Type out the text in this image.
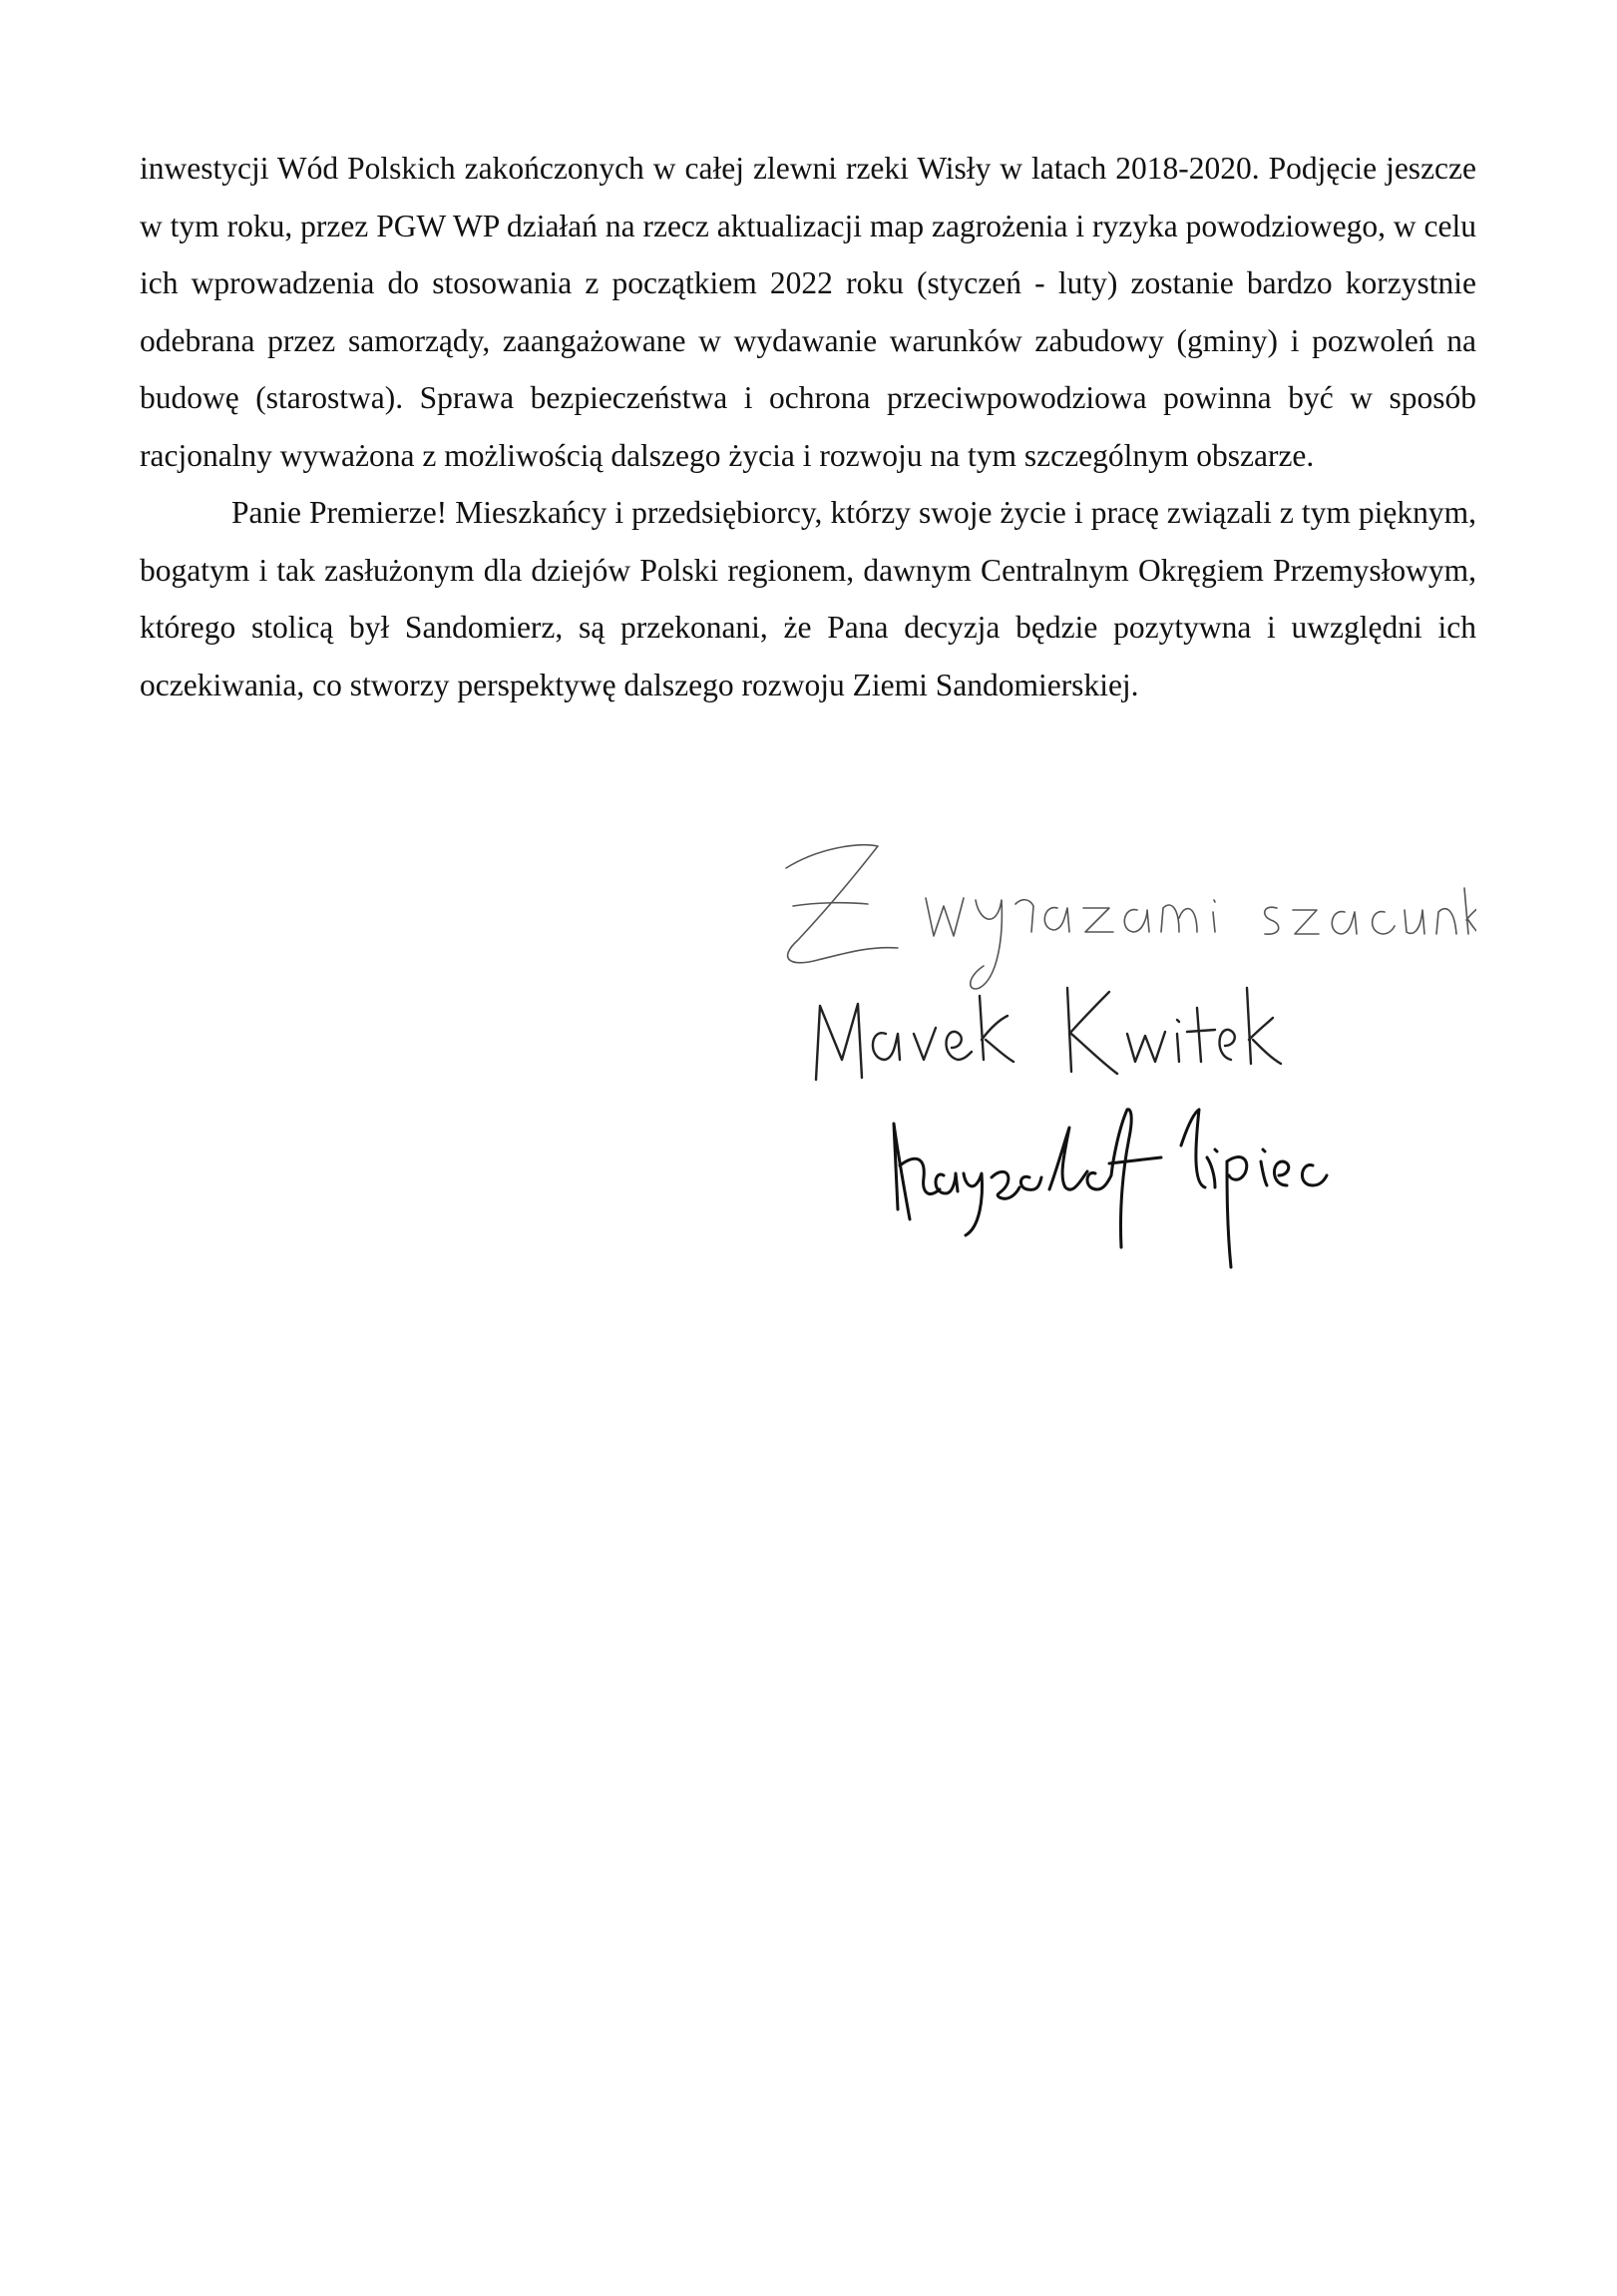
inwestycji Wód Polskich zakończonych w całej zlewni rzeki Wisły w latach 2018-2020. Podjęcie jeszcze w tym roku, przez PGW WP działań na rzecz aktualizacji map zagrożenia i ryzyka powodziowego, w celu ich wprowadzenia do stosowania z początkiem 2022 roku (styczeń - luty) zostanie bardzo korzystnie odebrana przez samorządy, zaangażowane w wydawanie warunków zabudowy (gminy) i pozwoleń na budowę (starostwa). Sprawa bezpieczeństwa i ochrona przeciwpowodziowa powinna być w sposób racjonalny wyważona z możliwością dalszego życia i rozwoju na tym szczególnym obszarze.

Panie Premierze! Mieszkańcy i przedsiębiorcy, którzy swoje życie i pracę związali z tym pięknym, bogatym i tak zasłużonym dla dziejów Polski regionem, dawnym Centralnym Okręgiem Przemysłowym, którego stolicą był Sandomierz, są przekonani, że Pana decyzja będzie pozytywna i uwzględni ich oczekiwania, co stworzy perspektywę dalszego rozwoju Ziemi Sandomierskiej.
